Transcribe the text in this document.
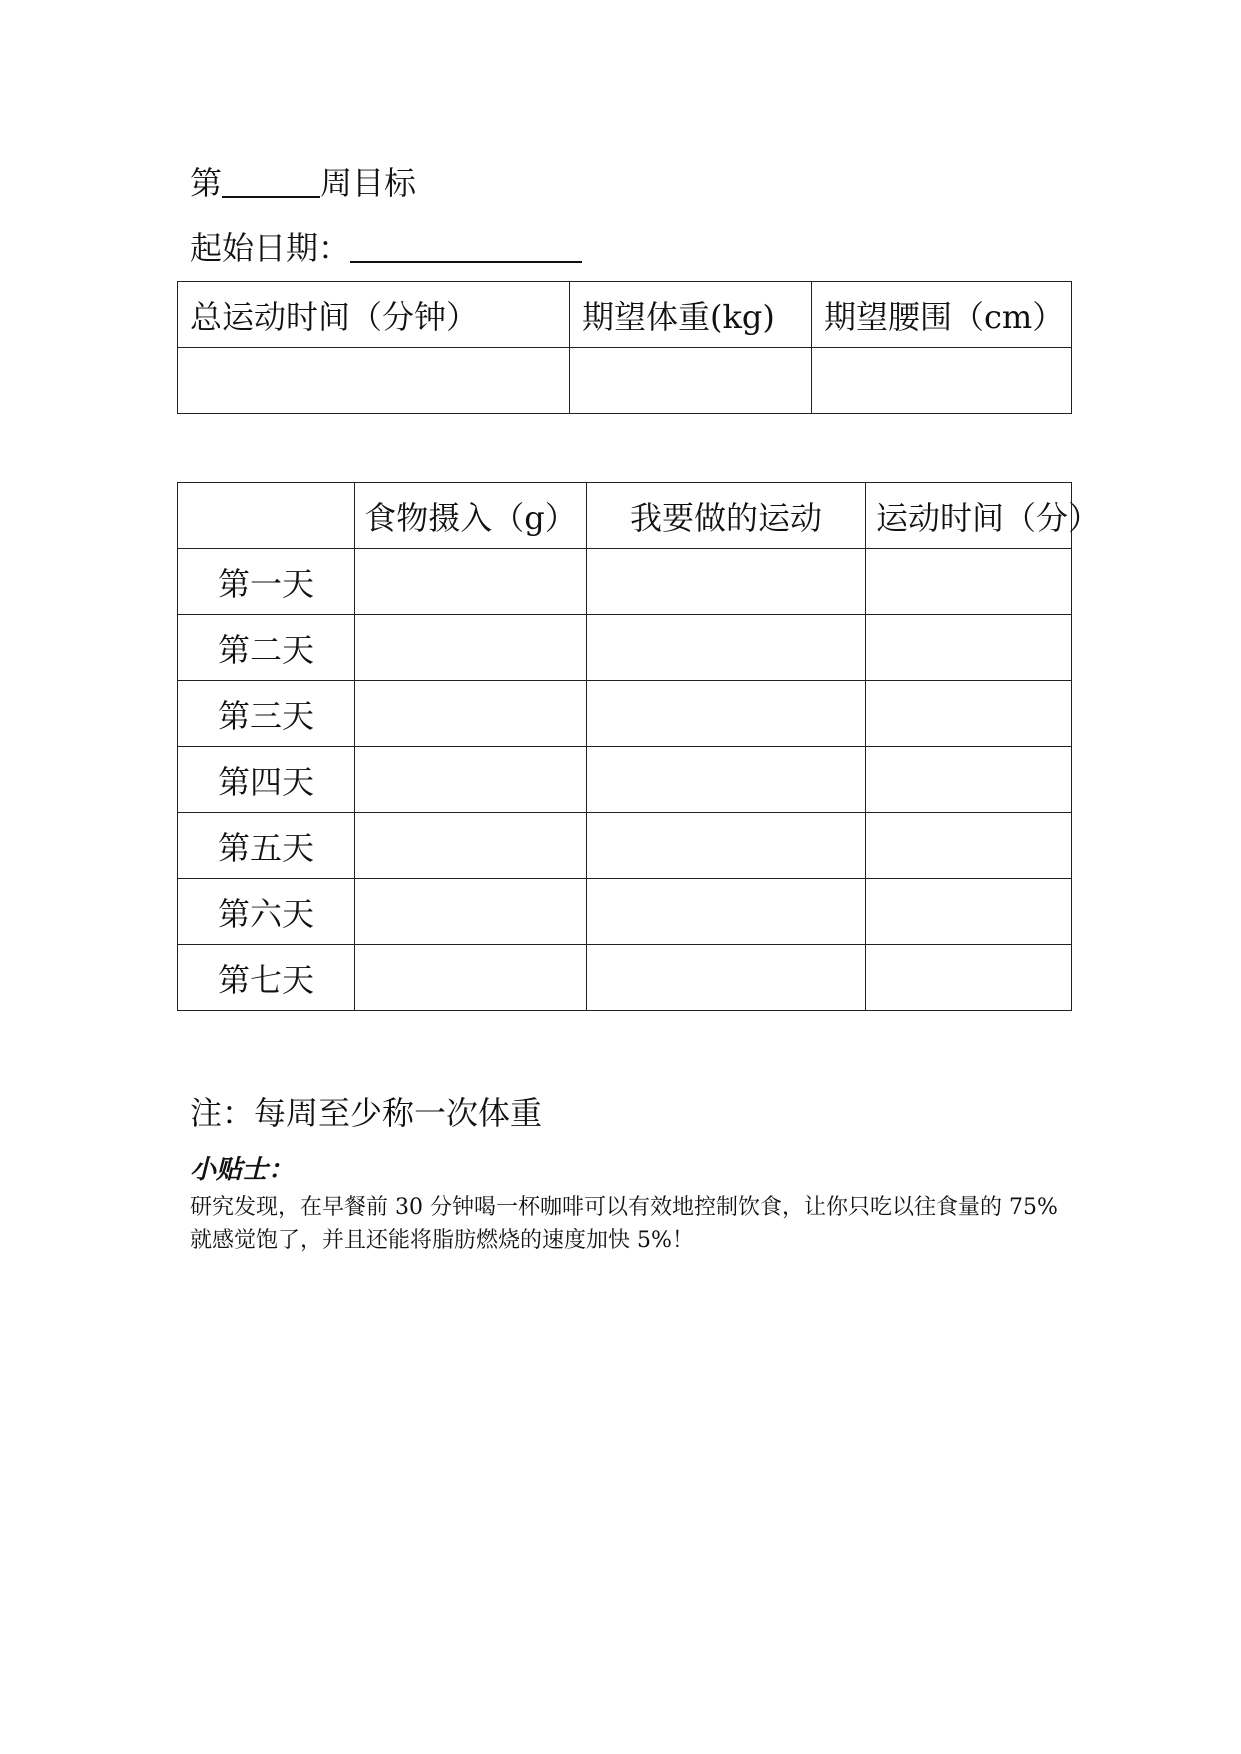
第	周目标
起始日期：
总运动时间（分钟）	期望体重(kg)	期望腰围（cm）

	食物摄入（g）	我要做的运动	运动时间（分）
第一天			
第二天			
第三天			
第四天			
第五天			
第六天			
第七天			
注：每周至少称一次体重
小贴士：
研究发现，在早餐前 30 分钟喝一杯咖啡可以有效地控制饮食，让你只吃以往食量的 75%就感觉饱了，并且还能将脂肪燃烧的速度加快 5%！
